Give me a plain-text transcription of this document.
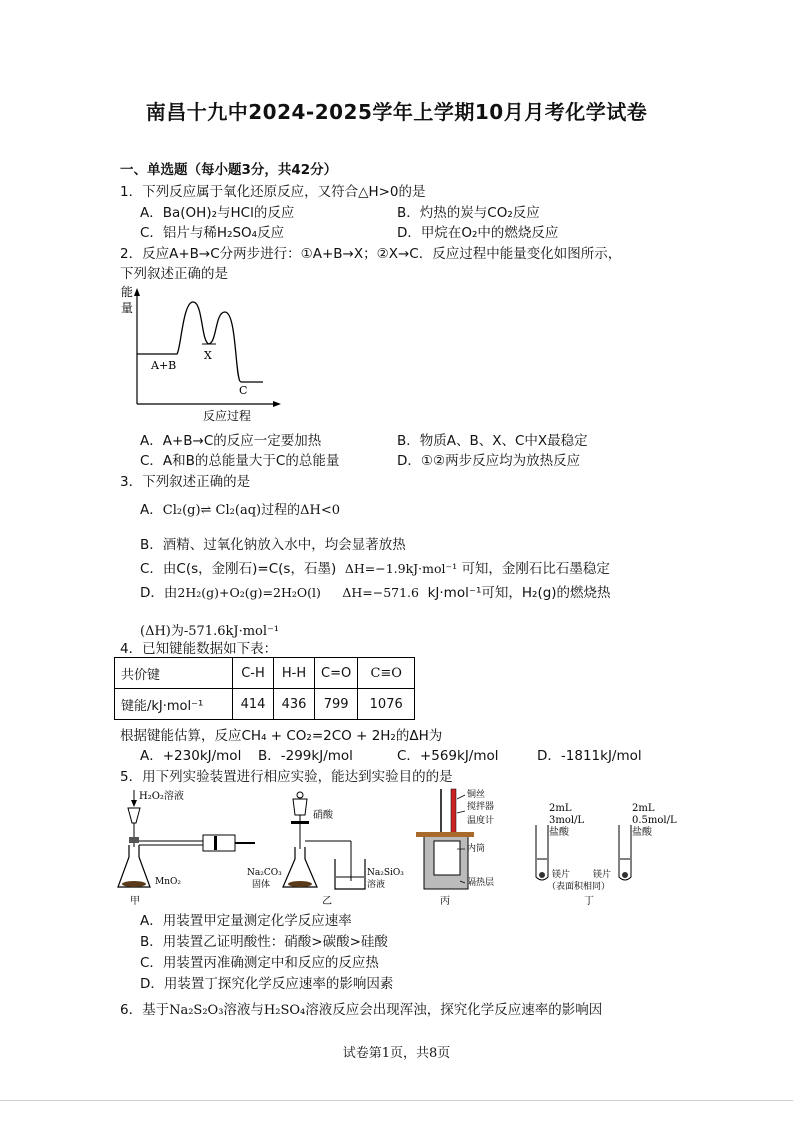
南昌十九中2024-2025学年上学期10月月考化学试卷
一、单选题（每小题3分，共42分）
1．下列反应属于氧化还原反应，又符合△H>0的是
A．Ba(OH)₂与HCl的反应	B．灼热的炭与CO₂反应
C．铝片与稀H₂SO₄反应	D．甲烷在O₂中的燃烧反应
2．反应A+B→C分两步进行：①A+B→X；②X→C．反应过程中能量变化如图所示，
下列叙述正确的是
能
量
A+B
X
C
反应过程
A．A+B→C的反应一定要加热	B．物质A、B、X、C中X最稳定
C．A和B的总能量大于C的总能量	D．①②两步反应均为放热反应
3．下列叙述正确的是
A．Cl₂(g)⇌ Cl₂(aq)过程的ΔH<0
B．酒精、过氧化钠放入水中，均会显著放热
C．由C(s，金刚石)=C(s，石墨) ΔH=−1.9kJ·mol⁻¹ 可知，金刚石比石墨稳定
D．由2H₂(g)+O₂(g)=2H₂O(l) ΔH=−571.6 kJ·mol⁻¹可知，H₂(g)的燃烧热
(ΔH)为-571.6kJ·mol⁻¹
4．已知键能数据如下表：
共价键	C-H	H-H	C=O	C≡O
键能/kJ·mol⁻¹	414	436	799	1076
根据键能估算，反应CH₄ + CO₂=2CO + 2H₂的ΔH为
A．+230kJ/mol B．-299kJ/mol	C．+569kJ/mol	D．-1811kJ/mol
5．用下列实验装置进行相应实验，能达到实验目的的是
H₂O₂溶液
MnO₂
甲
硝酸
Na₂CO₃
固体
Na₂SiO₃
溶液
乙
铜丝
搅拌器
温度计
内筒
隔热层
丙
2mL
3mol/L
盐酸
2mL
0.5mol/L
盐酸
镁片	镁片
（表面积相同）
丁
A．用装置甲定量测定化学反应速率
B．用装置乙证明酸性：硝酸>碳酸>硅酸
C．用装置丙准确测定中和反应的反应热
D．用装置丁探究化学反应速率的影响因素
6．基于Na₂S₂O₃溶液与H₂SO₄溶液反应会出现浑浊，探究化学反应速率的影响因
试卷第1页，共8页
